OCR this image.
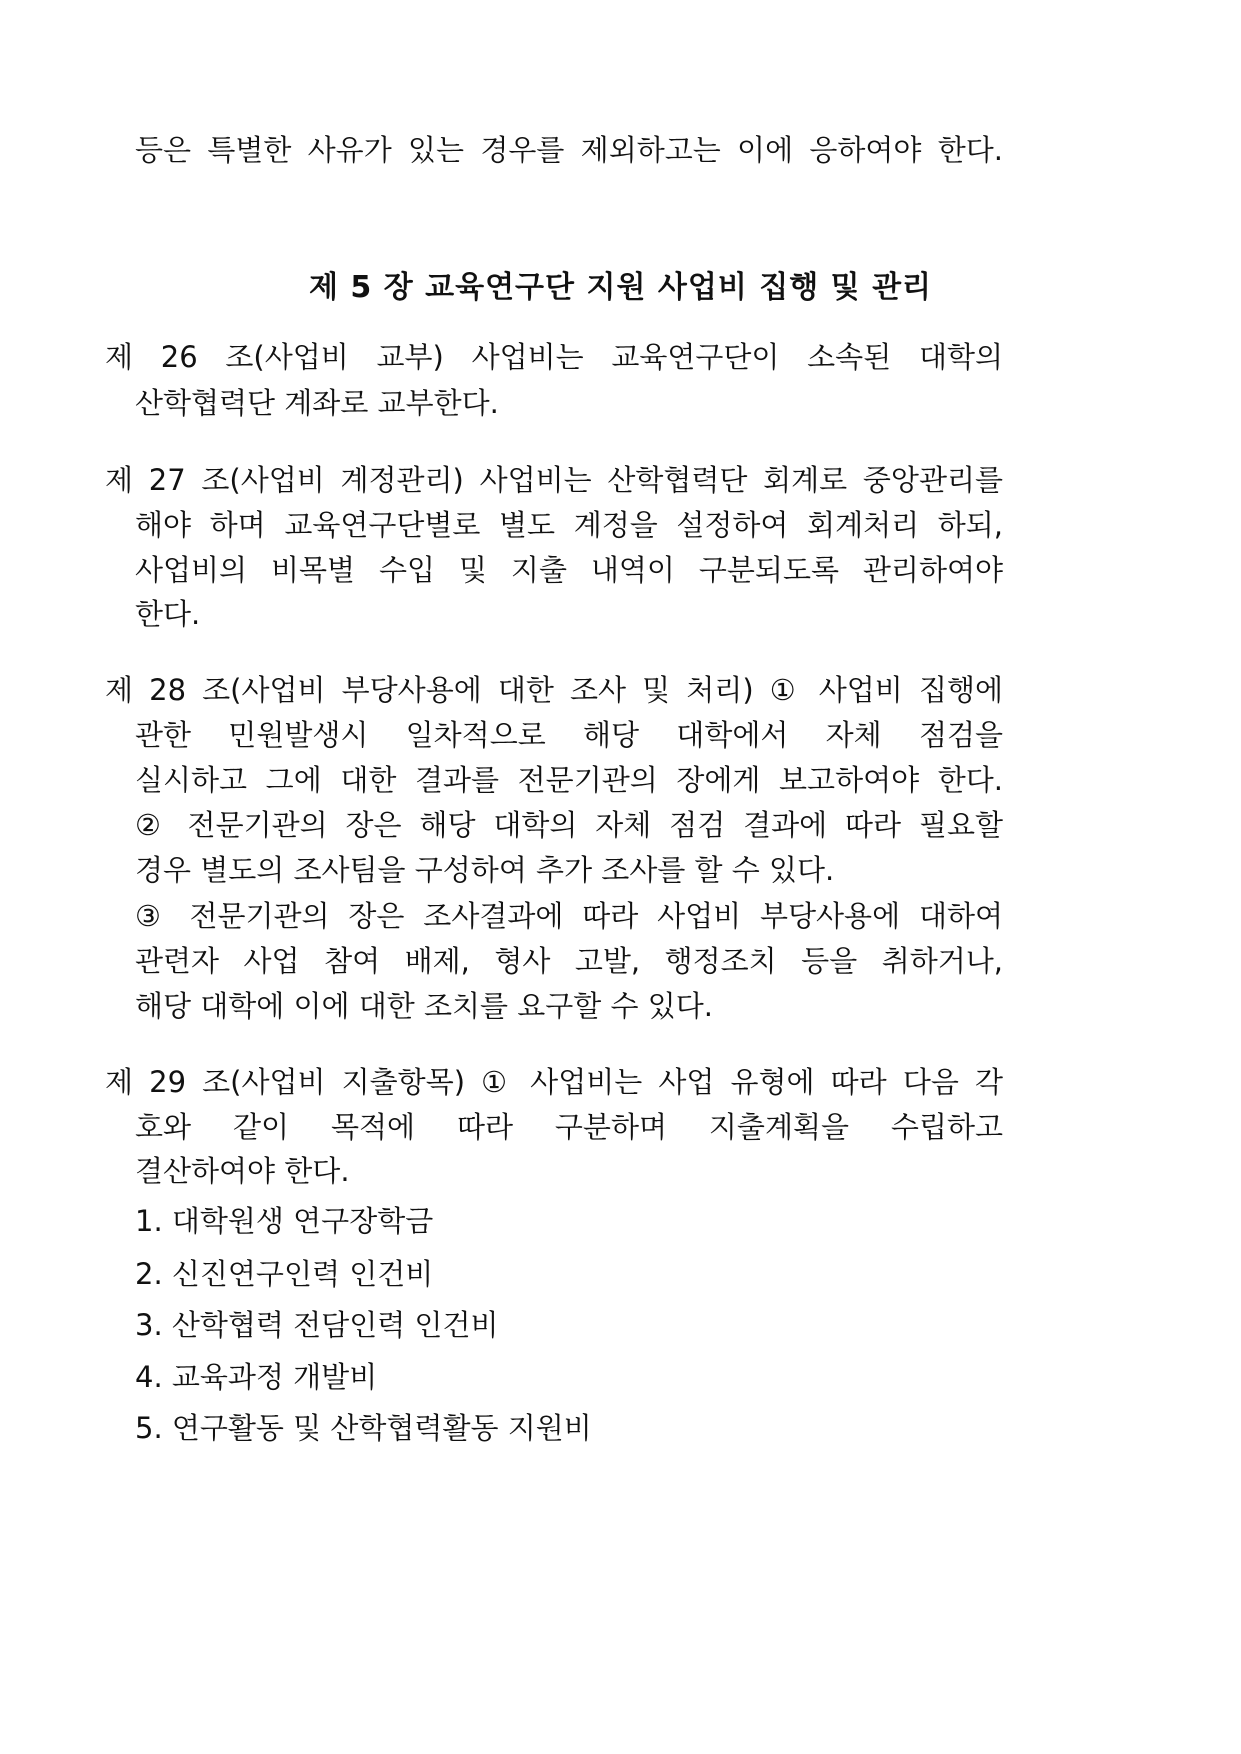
등은 특별한 사유가 있는 경우를 제외하고는 이에 응하여야 한다.
제 5 장 교육연구단 지원 사업비 집행 및 관리
제 26 조(사업비 교부) 사업비는 교육연구단이 소속된 대학의
산학협력단 계좌로 교부한다.
제 27 조(사업비 계정관리) 사업비는 산학협력단 회계로 중앙관리를
해야 하며 교육연구단별로 별도 계정을 설정하여 회계처리 하되,
사업비의 비목별 수입 및 지출 내역이 구분되도록 관리하여야
한다.
제 28 조(사업비 부당사용에 대한 조사 및 처리) ① 사업비 집행에
관한 민원발생시 일차적으로 해당 대학에서 자체 점검을
실시하고 그에 대한 결과를 전문기관의 장에게 보고하여야 한다.
② 전문기관의 장은 해당 대학의 자체 점검 결과에 따라 필요할
경우 별도의 조사팀을 구성하여 추가 조사를 할 수 있다.
③ 전문기관의 장은 조사결과에 따라 사업비 부당사용에 대하여
관련자 사업 참여 배제, 형사 고발, 행정조치 등을 취하거나,
해당 대학에 이에 대한 조치를 요구할 수 있다.
제 29 조(사업비 지출항목) ① 사업비는 사업 유형에 따라 다음 각
호와 같이 목적에 따라 구분하며 지출계획을 수립하고
결산하여야 한다.
1. 대학원생 연구장학금
2. 신진연구인력 인건비
3. 산학협력 전담인력 인건비
4. 교육과정 개발비
5. 연구활동 및 산학협력활동 지원비
